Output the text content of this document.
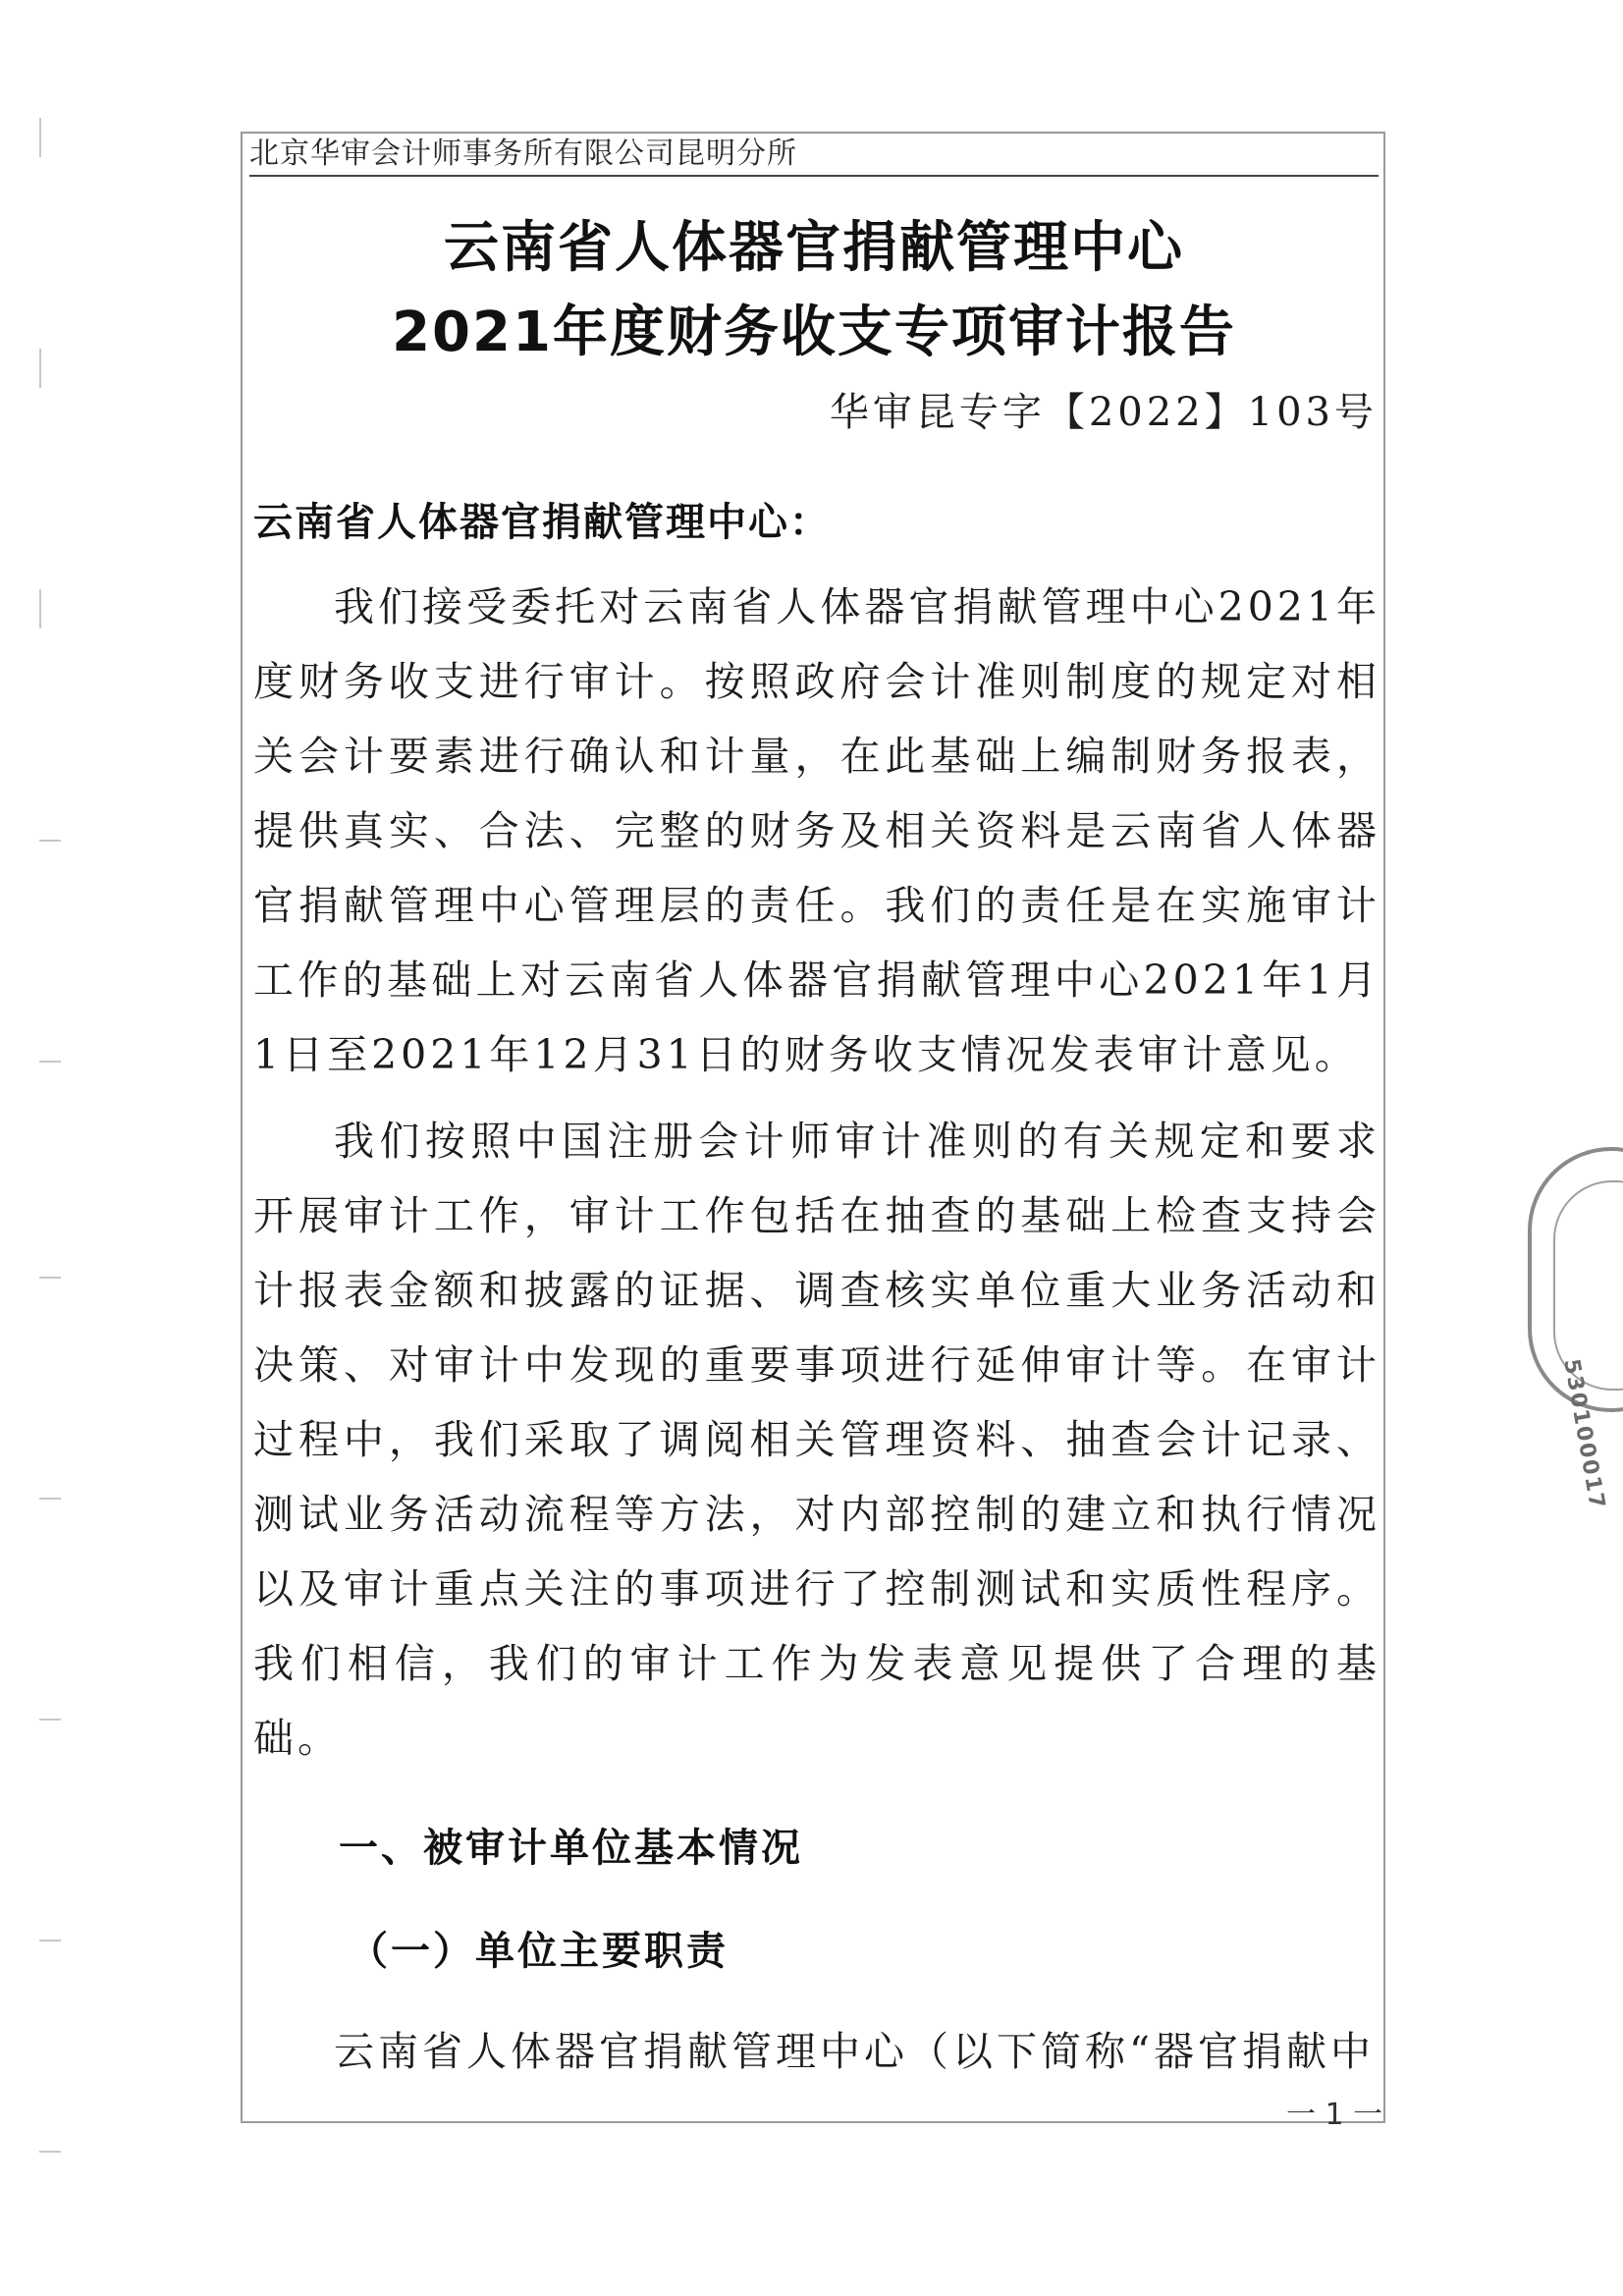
北京华审会计师事务所有限公司昆明分所
云南省人体器官捐献管理中心
2021年度财务收支专项审计报告
华审昆专字【2022】103号
云南省人体器官捐献管理中心：

我们接受委托对云南省人体器官捐献管理中心2021年度财务收支进行审计。按照政府会计准则制度的规定对相关会计要素进行确认和计量，在此基础上编制财务报表，提供真实、合法、完整的财务及相关资料是云南省人体器官捐献管理中心管理层的责任。我们的责任是在实施审计工作的基础上对云南省人体器官捐献管理中心2021年1月1日至2021年12月31日的财务收支情况发表审计意见。

我们按照中国注册会计师审计准则的有关规定和要求开展审计工作，审计工作包括在抽查的基础上检查支持会计报表金额和披露的证据、调查核实单位重大业务活动和决策、对审计中发现的重要事项进行延伸审计等。在审计过程中，我们采取了调阅相关管理资料、抽查会计记录、测试业务活动流程等方法，对内部控制的建立和执行情况以及审计重点关注的事项进行了控制测试和实质性程序。我们相信，我们的审计工作为发表意见提供了合理的基础。

一、被审计单位基本情况
（一）单位主要职责
云南省人体器官捐献管理中心（以下简称“器官捐献中
一 1 一
530100017
